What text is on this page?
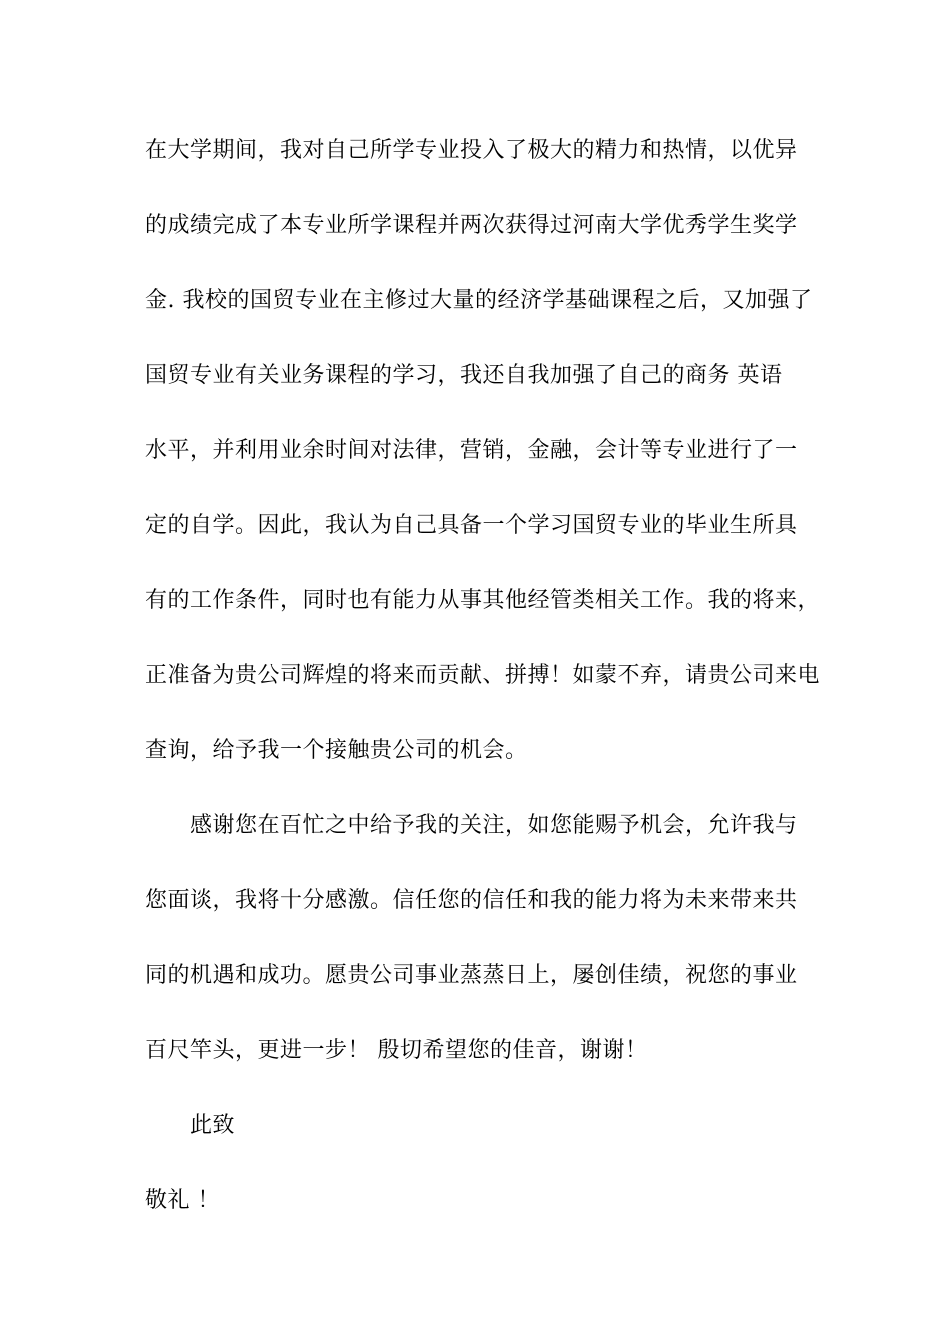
在大学期间，我对自己所学专业投入了极大的精力和热情，以优异
的成绩完成了本专业所学课程并两次获得过河南大学优秀学生奖学
金. 我校的国贸专业在主修过大量的经济学基础课程之后，又加强了
国贸专业有关业务课程的学习，我还自我加强了自己的商务 英语
水平，并利用业余时间对法律，营销，金融，会计等专业进行了一
定的自学。因此，我认为自己具备一个学习国贸专业的毕业生所具
有的工作条件，同时也有能力从事其他经管类相关工作。我的将来，
正准备为贵公司辉煌的将来而贡献、拼搏！如蒙不弃，请贵公司来电
查询，给予我一个接触贵公司的机会。
感谢您在百忙之中给予我的关注，如您能赐予机会，允许我与
您面谈，我将十分感激。信任您的信任和我的能力将为未来带来共
同的机遇和成功。愿贵公司事业蒸蒸日上，屡创佳绩，祝您的事业
百尺竿头，更进一步！ 殷切希望您的佳音，谢谢！
此致
敬礼 ！
